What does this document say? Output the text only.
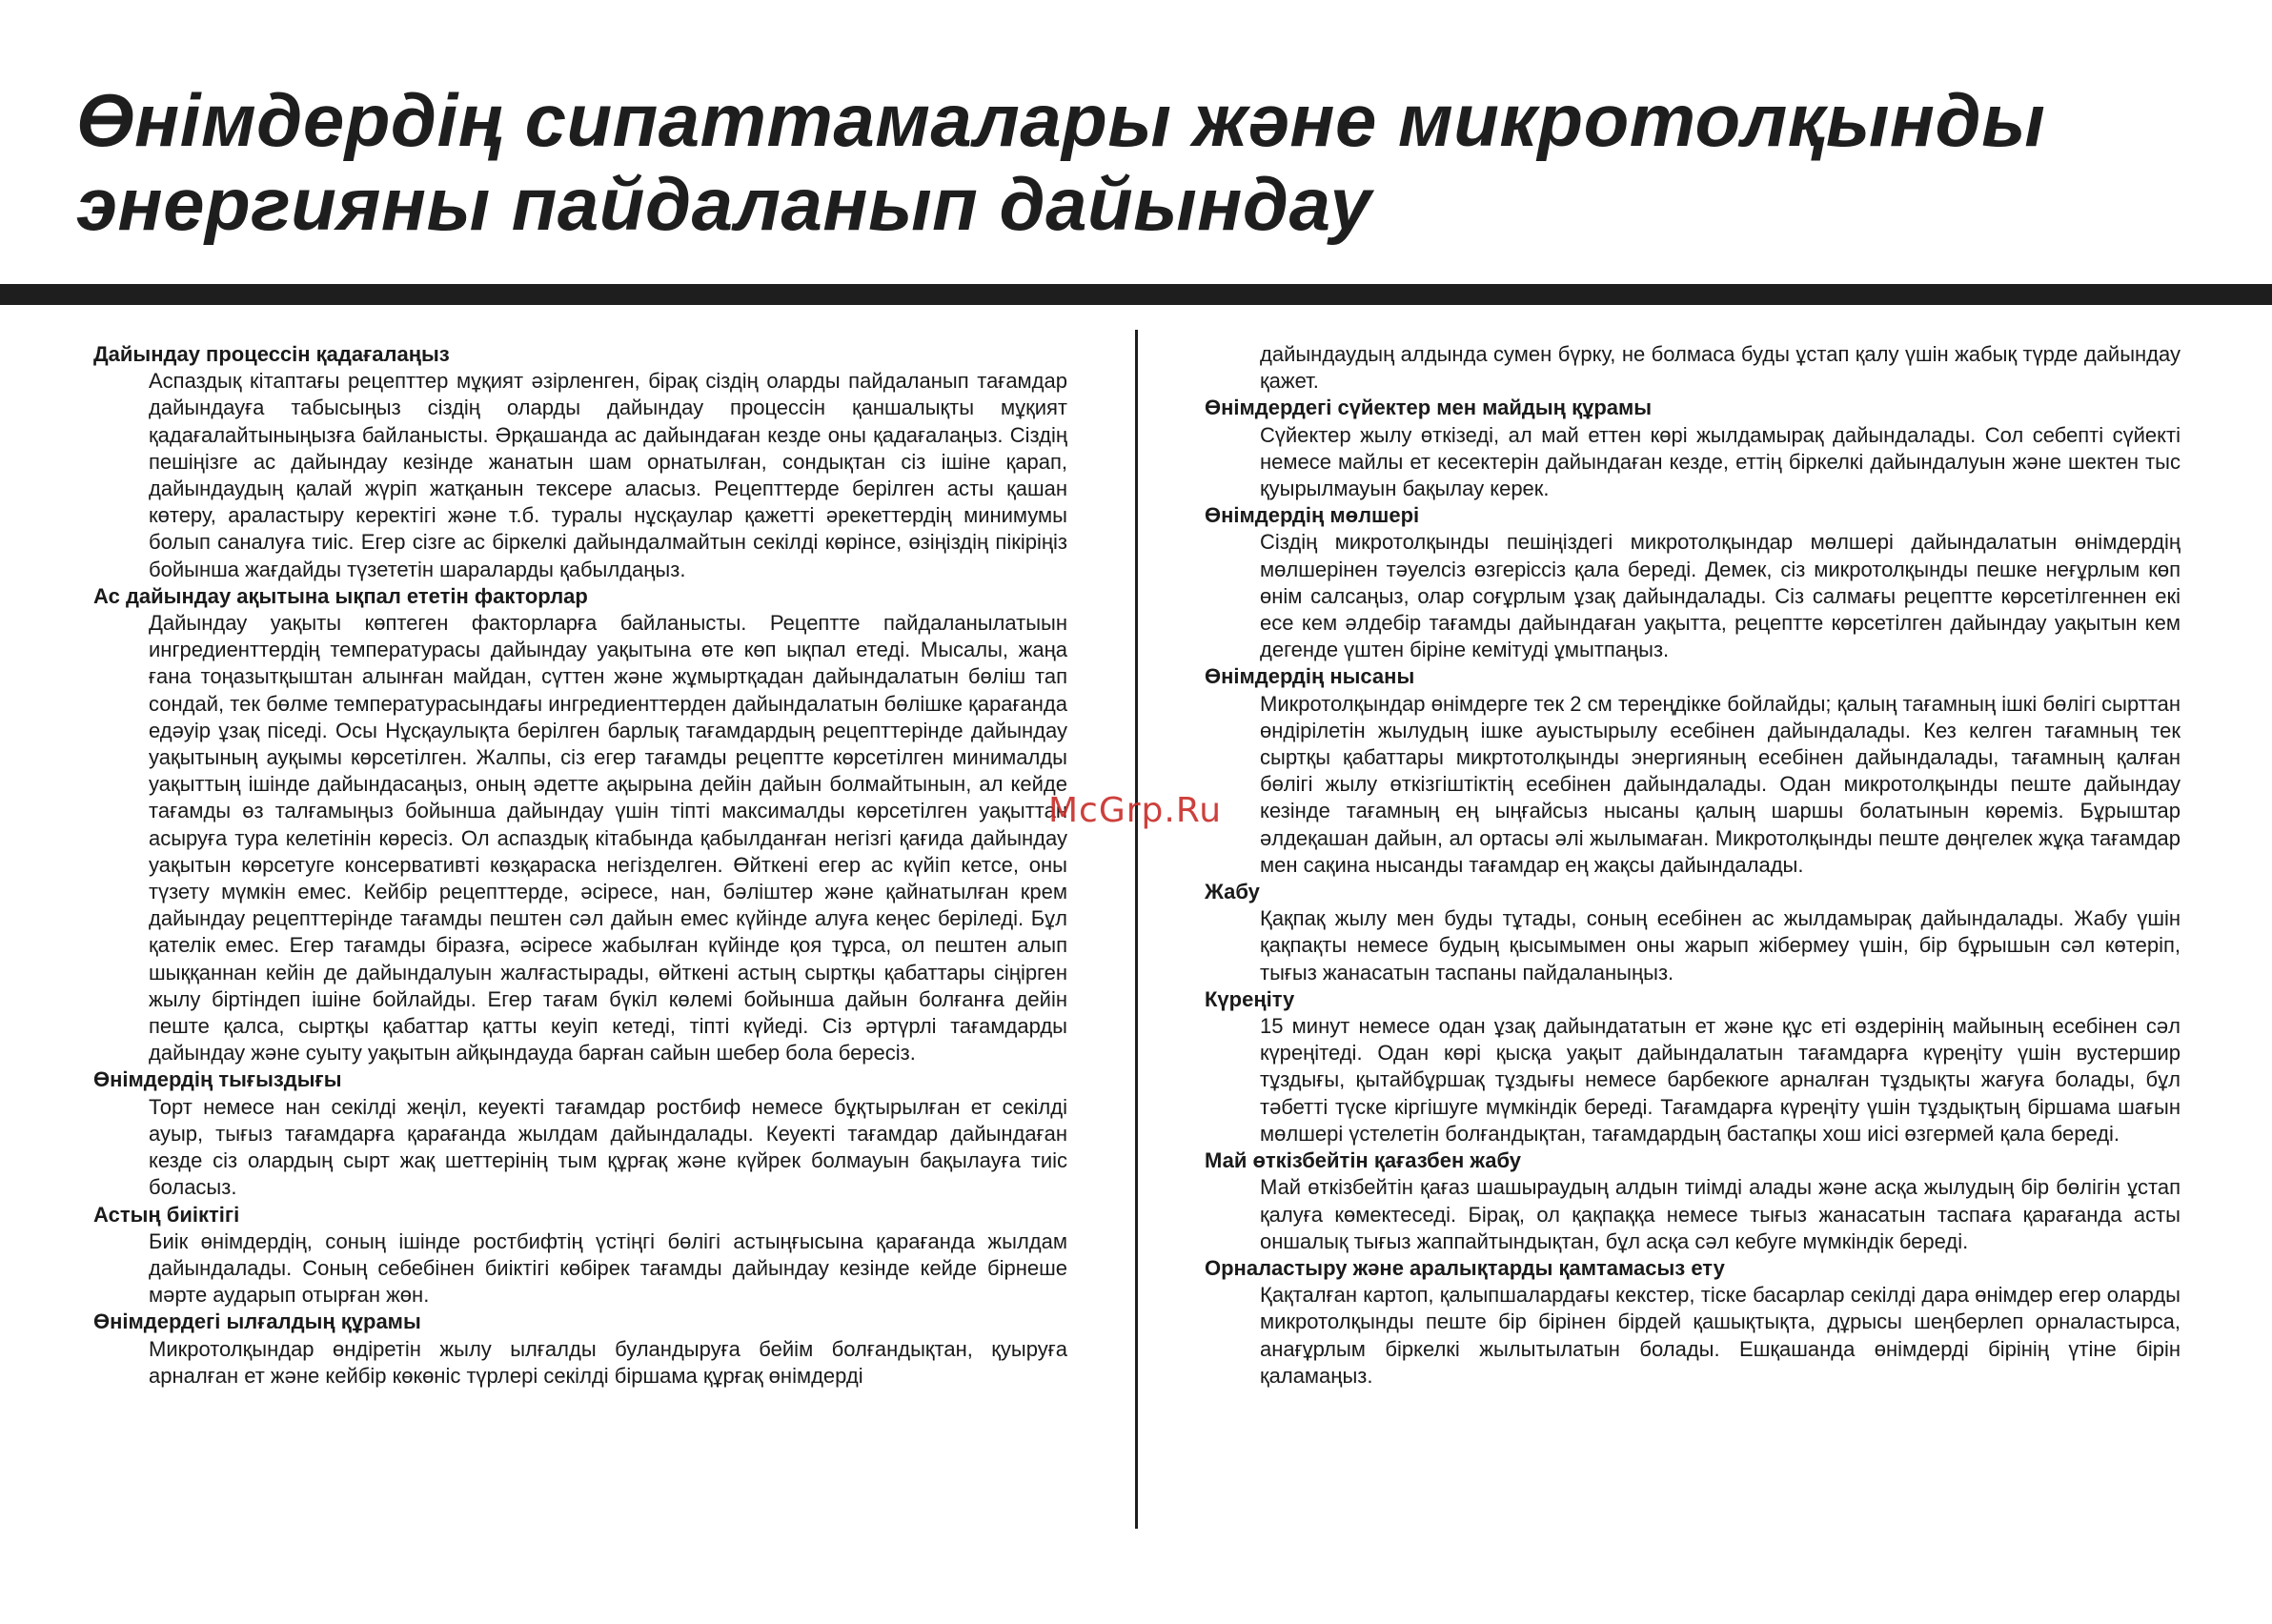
Өнімдердің сипаттамалары және микротолқынды
энергияны пайдаланып дайындау

Дайындау процессін қадағалаңыз

Аспаздық кітаптағы рецепттер мұқият әзірленген, бірақ сіздің оларды пайдаланып тағамдар дайындауға табысыңыз сіздің оларды дайындау процессін қаншалықты мұқият қадағалайтыныңызға байланысты. Әрқашанда ас дайындаған кезде оны қадағалаңыз. Сіздің пешіңізге ас дайындау кезінде жанатын шам орнатылған, сондықтан сіз ішіне қарап, дайындаудың қалай жүріп жатқанын тексере аласыз. Рецепттерде берілген асты қашан көтеру, араластыру керектігі және т.б. туралы нұсқаулар қажетті әрекеттердің минимумы болып саналуға тиіс. Егер сізге ас біркелкі дайындалмайтын секілді көрінсе, өзіңіздің пікіріңіз бойынша жағдайды түзететін шараларды қабылдаңыз.

Ас дайындау ақытына ықпал ететін факторлар

Дайындау уақыты көптеген факторларға байланысты. Рецептте пайдаланылатыын ингредиенттердің температурасы дайындау уақытына өте көп ықпал етеді. Мысалы, жаңа ғана тоңазытқыштан алынған майдан, сүттен және жұмыртқадан дайындалатын бөліш тап сондай, тек бөлме температурасындағы ингредиенттерден дайындалатын бөлішке қарағанда едәуір ұзақ піседі. Осы Нұсқаулықта берілген барлық тағамдардың рецепттерінде дайындау уақытының ауқымы көрсетілген. Жалпы, сіз егер тағамды рецептте көрсетілген минималды уақыттың ішінде дайындасаңыз, оның әдетте ақырына дейін дайын болмайтынын, ал кейде тағамды өз талғамыңыз бойынша дайындау үшін тіпті максималды көрсетілген уақыттан асыруға тура келетінін көресіз. Ол аспаздық кітабында қабылданған негізгі қағида дайындау уақытын көрсетуге консервативті көзқараска негізделген. Өйткені егер ас күйіп кетсе, оны түзету мүмкін емес. Кейбір рецепттерде, әсіресе, нан, бәліштер және қайнатылған крем дайындау рецепттерінде тағамды пештен сәл дайын емес күйінде алуға кеңес беріледі. Бұл қателік емес. Егер тағамды біразға, әсіресе жабылған күйінде қоя тұрса, ол пештен алып шыққаннан кейін де дайындалуын жалғастырады, өйткені астың сыртқы қабаттары сіңірген жылу біртіндеп ішіне бойлайды. Егер тағам бүкіл көлемі бойынша дайын болғанға дейін пеште қалса, сыртқы қабаттар қатты кеуіп кетеді, тіпті күйеді. Сіз әртүрлі тағамдарды дайындау және суыту уақытын айқындауда барған сайын шебер бола бересіз.

Өнімдердің тығыздығы

Торт немесе нан секілді жеңіл, кеуекті тағамдар ростбиф немесе бұқтырылған ет секілді ауыр, тығыз тағамдарға қарағанда жылдам дайындалады. Кеуекті тағамдар дайындаған кезде сіз олардың сырт жақ шеттерінің тым құрғақ және күйрек болмауын бақылауға тиіс боласыз.

Астың биіктігі

Биік өнімдердің, соның ішінде ростбифтің үстіңгі бөлігі астыңғысына қарағанда жылдам дайындалады. Соның себебінен биіктігі көбірек тағамды дайындау кезінде кейде бірнеше мәрте аударып отырған жөн.

Өнімдердегі ылғалдың құрамы

Микротолқындар өндіретін жылу ылғалды буландыруға бейім болғандықтан, қуыруға арналған ет және кейбір көкөніс түрлері секілді біршама құрғақ өнімдерді

дайындаудың алдында сумен бүрку, не болмаса буды ұстап қалу үшін жабық түрде дайындау қажет.

Өнімдердегі сүйектер мен майдың құрамы

Сүйектер жылу өткізеді, ал май еттен көрі жылдамырақ дайындалады. Сол себепті сүйекті немесе майлы ет кесектерін дайындаған кезде, еттің біркелкі дайындалуын және шектен тыс қуырылмауын бақылау керек.

Өнімдердің мөлшері

Сіздің микротолқынды пешіңіздегі микротолқындар мөлшері дайындалатын өнімдердің мөлшерінен тәуелсіз өзгеріссіз қала береді. Демек, сіз микротолқынды пешке неғұрлым көп өнім салсаңыз, олар соғұрлым ұзақ дайындалады. Сіз салмағы рецептте көрсетілгеннен екі есе кем әлдебір тағамды дайындаған уақытта, рецептте көрсетілген дайындау уақытын кем дегенде үштен біріне кемітуді ұмытпаңыз.

Өнімдердің нысаны

Микротолқындар өнімдерге тек 2 см тереңдікке бойлайды; қалың тағамның ішкі бөлігі сырттан өндірілетін жылудың ішке ауыстырылу есебінен дайындалады. Кез келген тағамның тек сыртқы қабаттары микртотолқынды энергияның есебінен дайындалады, тағамның қалған бөлігі жылу өткізгіштіктің есебінен дайындалады. Одан микротолқынды пеште дайындау кезінде тағамның ең ыңғайсыз нысаны қалың шаршы болатынын көреміз. Бұрыштар әлдеқашан дайын, ал ортасы әлі жылымаған. Микротолқынды пеште дөңгелек жұқа тағамдар мен сақина нысанды тағамдар ең жақсы дайындалады.

Жабу

Қақпақ жылу мен буды тұтады, соның есебінен ас жылдамырақ дайындалады. Жабу үшін қақпақты немесе будың қысымымен оны жарып жібермеу үшін, бір бұрышын сәл көтеріп, тығыз жанасатын таспаны пайдаланыңыз.

Күреңіту

15 минут немесе одан ұзақ дайындататын ет және құс еті өздерінің майының есебінен сәл күреңітеді. Одан көрі қысқа уақыт дайындалатын тағамдарға күреңіту үшін вустершир тұздығы, қытайбұршақ тұздығы немесе барбекюге арналған тұздықты жағуға болады, бұл тәбетті түске кіргішуге мүмкіндік береді. Тағамдарға күреңіту үшін тұздықтың біршама шағын мөлшері үстелетін болғандықтан, тағамдардың бастапқы хош иісі өзгермей қала береді.

Май өткізбейтін қағазбен жабу

Май өткізбейтін қағаз шашыраудың алдын тиімді алады және асқа жылудың бір бөлігін ұстап қалуға көмектеседі. Бірақ, ол қақпаққа немесе тығыз жанасатын таспаға қарағанда асты оншалық тығыз жаппайтындықтан, бұл асқа сәл кебуге мүмкіндік береді.

Орналастыру және аралықтарды қамтамасыз ету

Қақталған картоп, қалыпшалардағы кекстер, тіске басарлар секілді дара өнімдер егер оларды микротолқынды пеште бір бірінен бірдей қашықтықта, дұрысы шеңберлеп орналастырса, анағұрлым біркелкі жылытылатын болады. Ешқашанда өнімдерді бірінің үтіне бірін қаламаңыз.

McGrp.Ru
